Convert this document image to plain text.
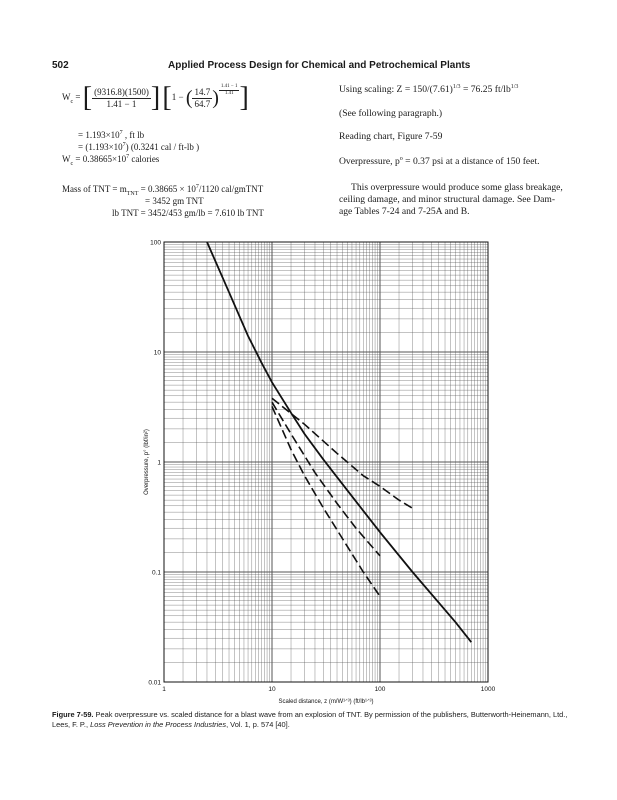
502	Applied Process Design for Chemical and Petrochemical Plants
$W_c$ = [ $\frac{(9316.8)(1500)}{1.41 - 1}$ ] [1 − ( $\frac{14.7}{64.7}$ ) $\frac{1.41 - 1}{1.41}$ ]
= $1.193\times 10^7$ , ft lb
= $(1.193\times 10^7)$ (0.3241 cal / ft-lb )
$W_c = 0.38665\times 10^7$ calories
Mass of TNT = $m_{TNT} = 0.38665 \times 10^7/1120$ cal/gmTNT
= 3452 gm TNT
lb TNT = 3452/453 gm/lb = 7.610 lb TNT
Using scaling: $Z = 150/(7.61)^{1/3} = 76.25$ $ft/lb^{1/3}$
(See following paragraph.)
Reading chart, Figure 7-59
Overpressure, $p^o = 0.37$ psi at a distance of 150 feet.
This overpressure would produce some glass breakage,
ceiling damage, and minor structural damage. See Dam-
age Tables 7-24 and 7-25A and B.
100
10
1
0.1
0.01
1	10	100	1000
Scaled distance, z (m/W¹ᐟ³) (ft/lb¹ᐟ³)
Overpressure, p° (lbf/in²)
Figure 7-59. Peak overpressure vs. scaled distance for a blast wave from an explosion of TNT. By permission of the publishers, Butterworth-Heinemann, Ltd., Lees, F. P., Loss Prevention in the Process Industries, Vol. 1, p. 574 [40].
